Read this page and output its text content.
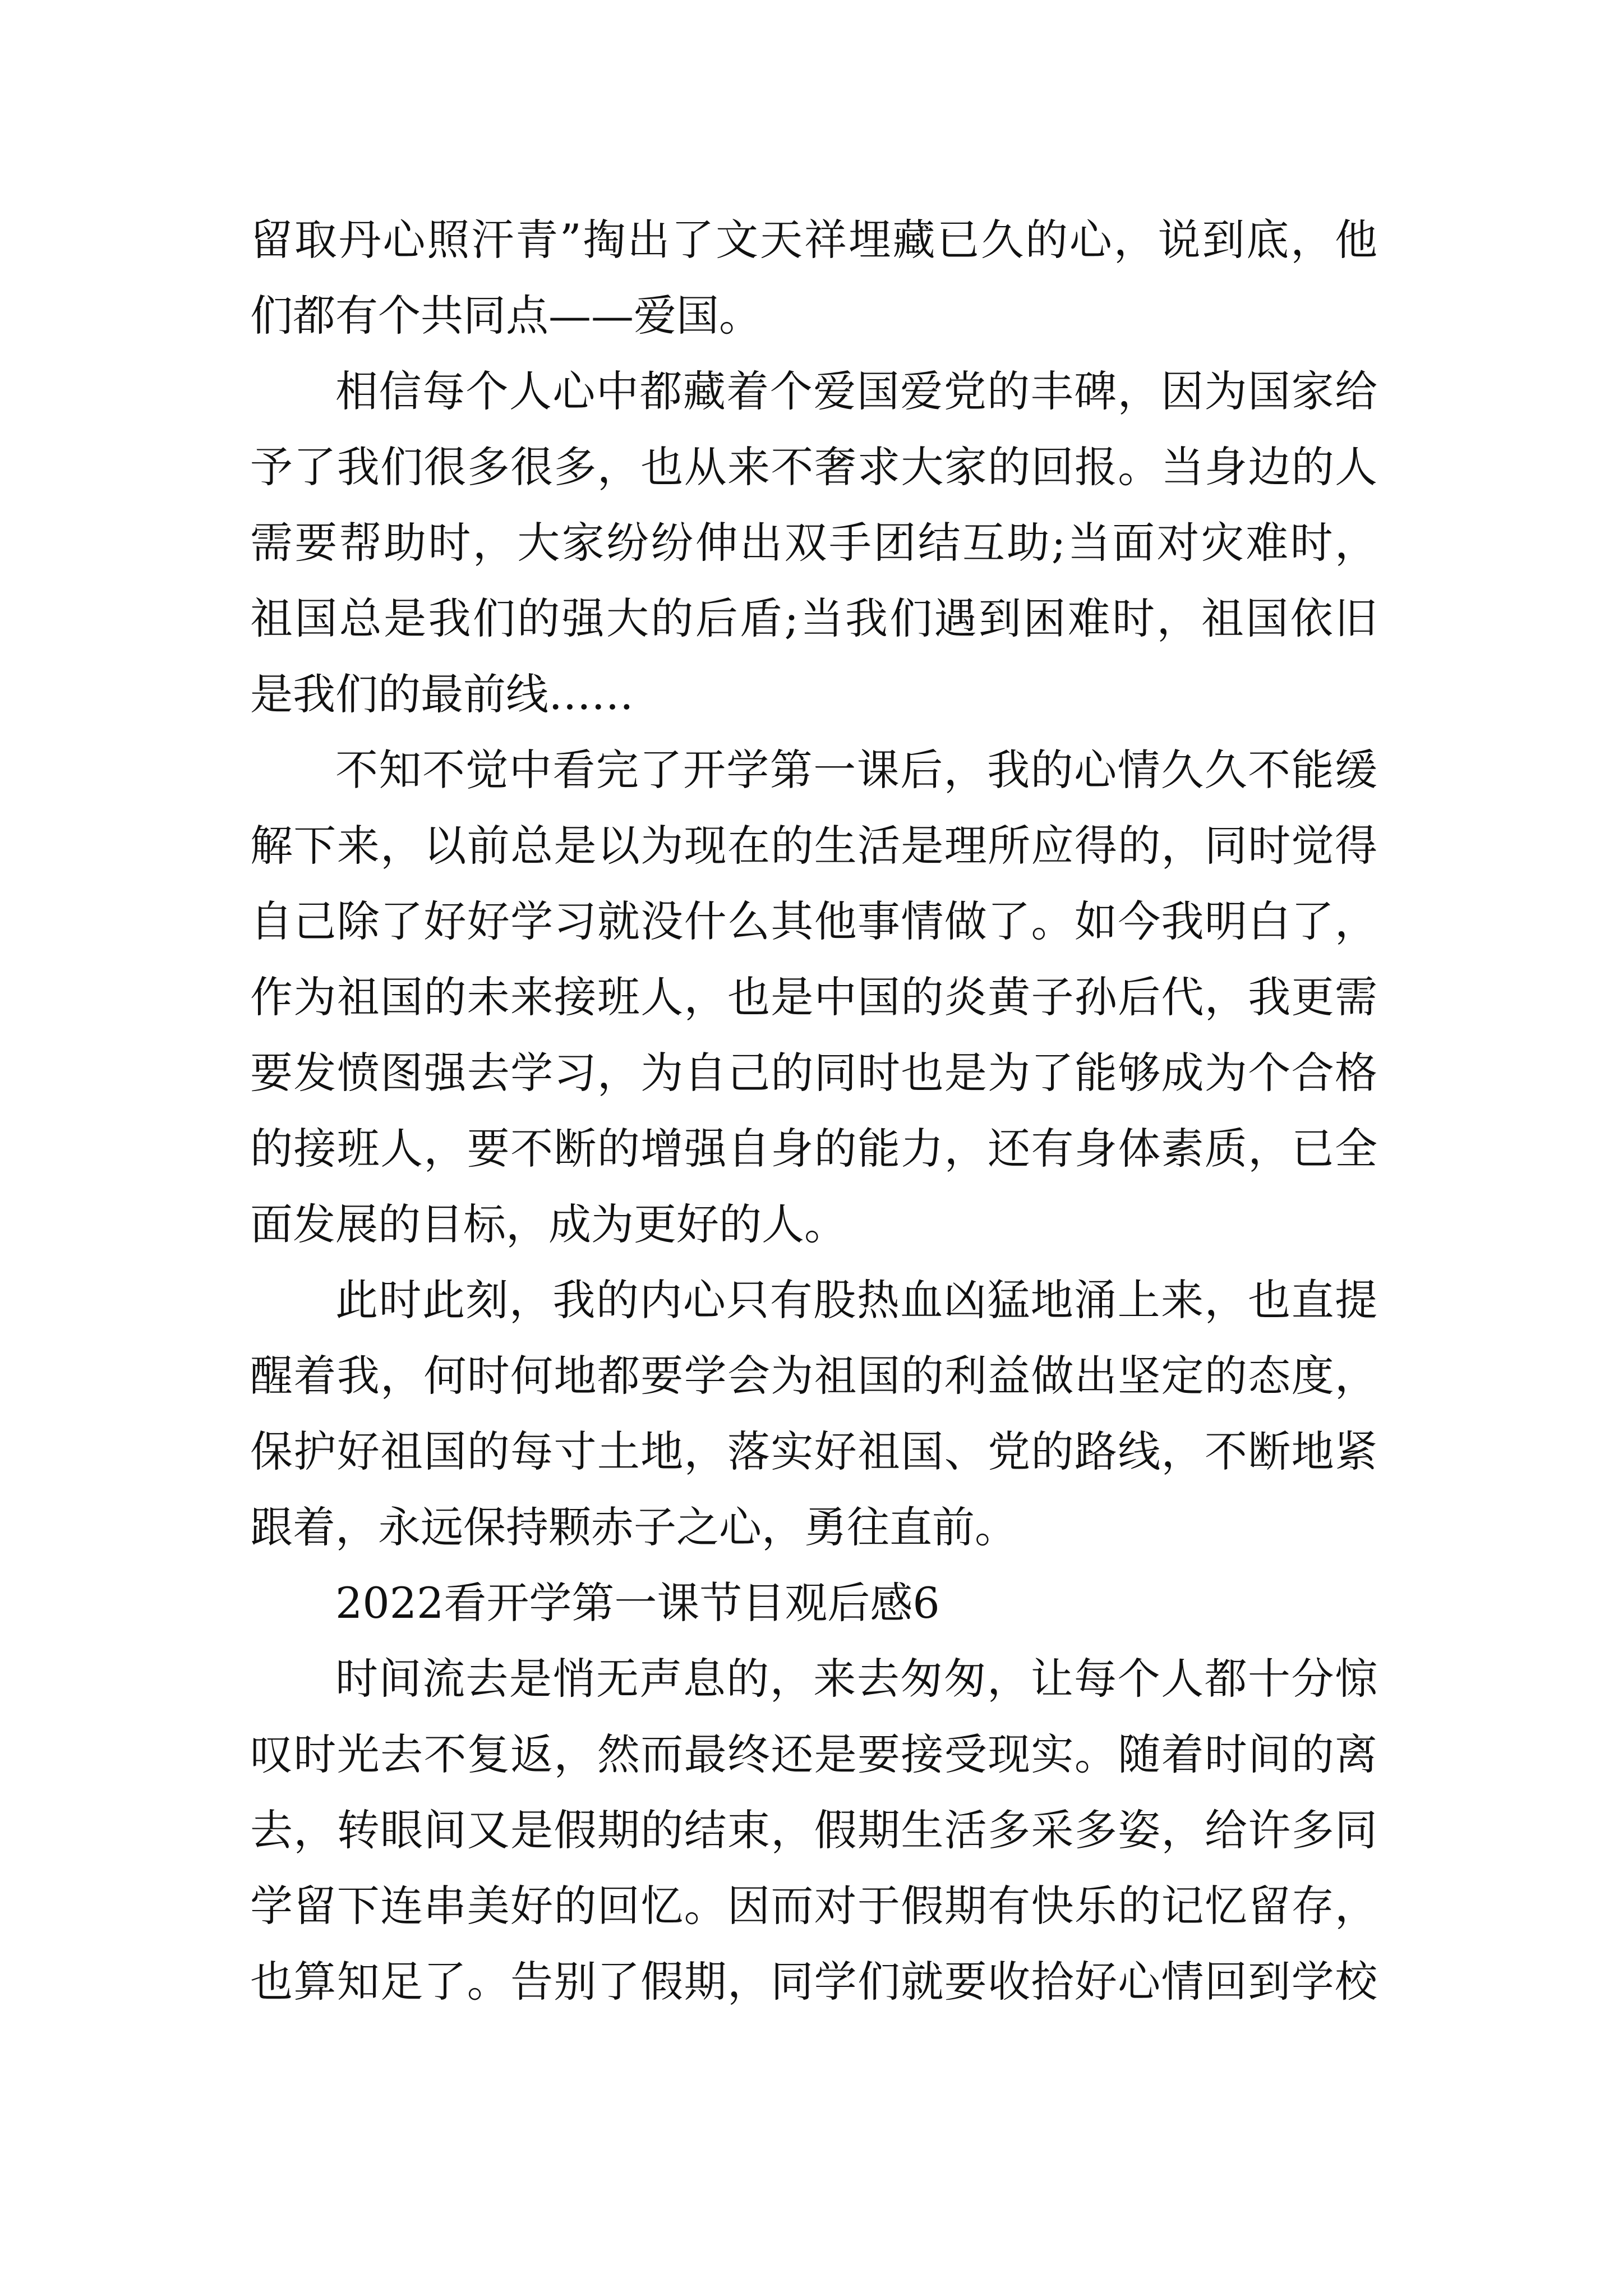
留取丹心照汗青”掏出了文天祥埋藏已久的心，说到底，他
们都有个共同点——爱国。
相信每个人心中都藏着个爱国爱党的丰碑，因为国家给
予了我们很多很多，也从来不奢求大家的回报。当身边的人
需要帮助时，大家纷纷伸出双手团结互助;当面对灾难时，
祖国总是我们的强大的后盾;当我们遇到困难时，祖国依旧
是我们的最前线……
不知不觉中看完了开学第一课后，我的心情久久不能缓
解下来，以前总是以为现在的生活是理所应得的，同时觉得
自己除了好好学习就没什么其他事情做了。如今我明白了，
作为祖国的未来接班人，也是中国的炎黄子孙后代，我更需
要发愤图强去学习，为自己的同时也是为了能够成为个合格
的接班人，要不断的增强自身的能力，还有身体素质，已全
面发展的目标，成为更好的人。
此时此刻，我的内心只有股热血凶猛地涌上来，也直提
醒着我，何时何地都要学会为祖国的利益做出坚定的态度，
保护好祖国的每寸土地，落实好祖国、党的路线，不断地紧
跟着，永远保持颗赤子之心，勇往直前。
2022看开学第一课节目观后感6
时间流去是悄无声息的，来去匆匆，让每个人都十分惊
叹时光去不复返，然而最终还是要接受现实。随着时间的离
去，转眼间又是假期的结束，假期生活多采多姿，给许多同
学留下连串美好的回忆。因而对于假期有快乐的记忆留存，
也算知足了。告别了假期，同学们就要收拾好心情回到学校
